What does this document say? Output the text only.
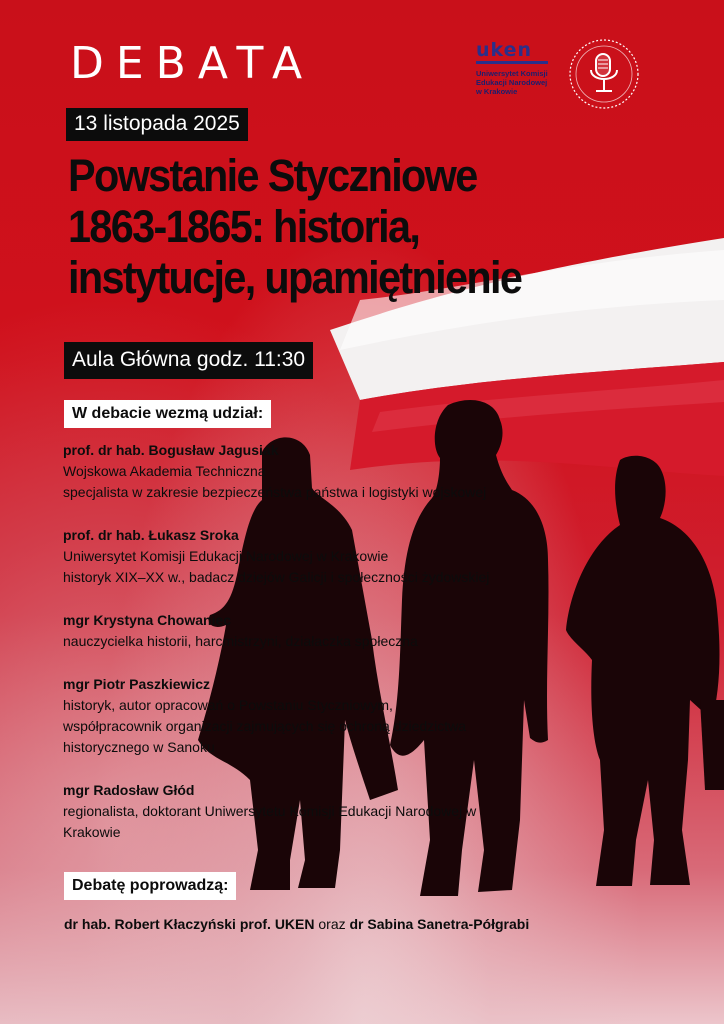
DEBATA
13 listopada 2025
Powstanie Styczniowe
1863-1865: historia,
instytucje, upamiętnienie
Aula Główna godz. 11:30
W debacie wezmą udział:
prof. dr hab. Bogusław Jagusiak
Wojskowa Akademia Techniczna
specjalista w zakresie bezpieczeństwa państwa i logistyki wojskowej
prof. dr hab. Łukasz Sroka
Uniwersytet Komisji Edukacji Narodowej w Krakowie
historyk XIX–XX w., badacz dziejów Galicji i społeczności żydowskiej
mgr Krystyna Chowaniec
nauczycielka historii, harcmistrzyni, działaczka społeczna
mgr Piotr Paszkiewicz
historyk, autor opracowań o Powstaniu Styczniowym,
współpracownik organizacji zajmujących się ochroną dziedzictwa
historycznego w Sanoku
mgr Radosław Głód
regionalista, doktorant Uniwersytetu Komisji Edukacji Narodowej w Krakowie
Debatę poprowadzą:
dr hab. Robert Kłaczyński prof. UKEN oraz dr Sabina Sanetra-Półgrabi
uken
Uniwersytet Komisji
Edukacji Narodowej
w Krakowie
